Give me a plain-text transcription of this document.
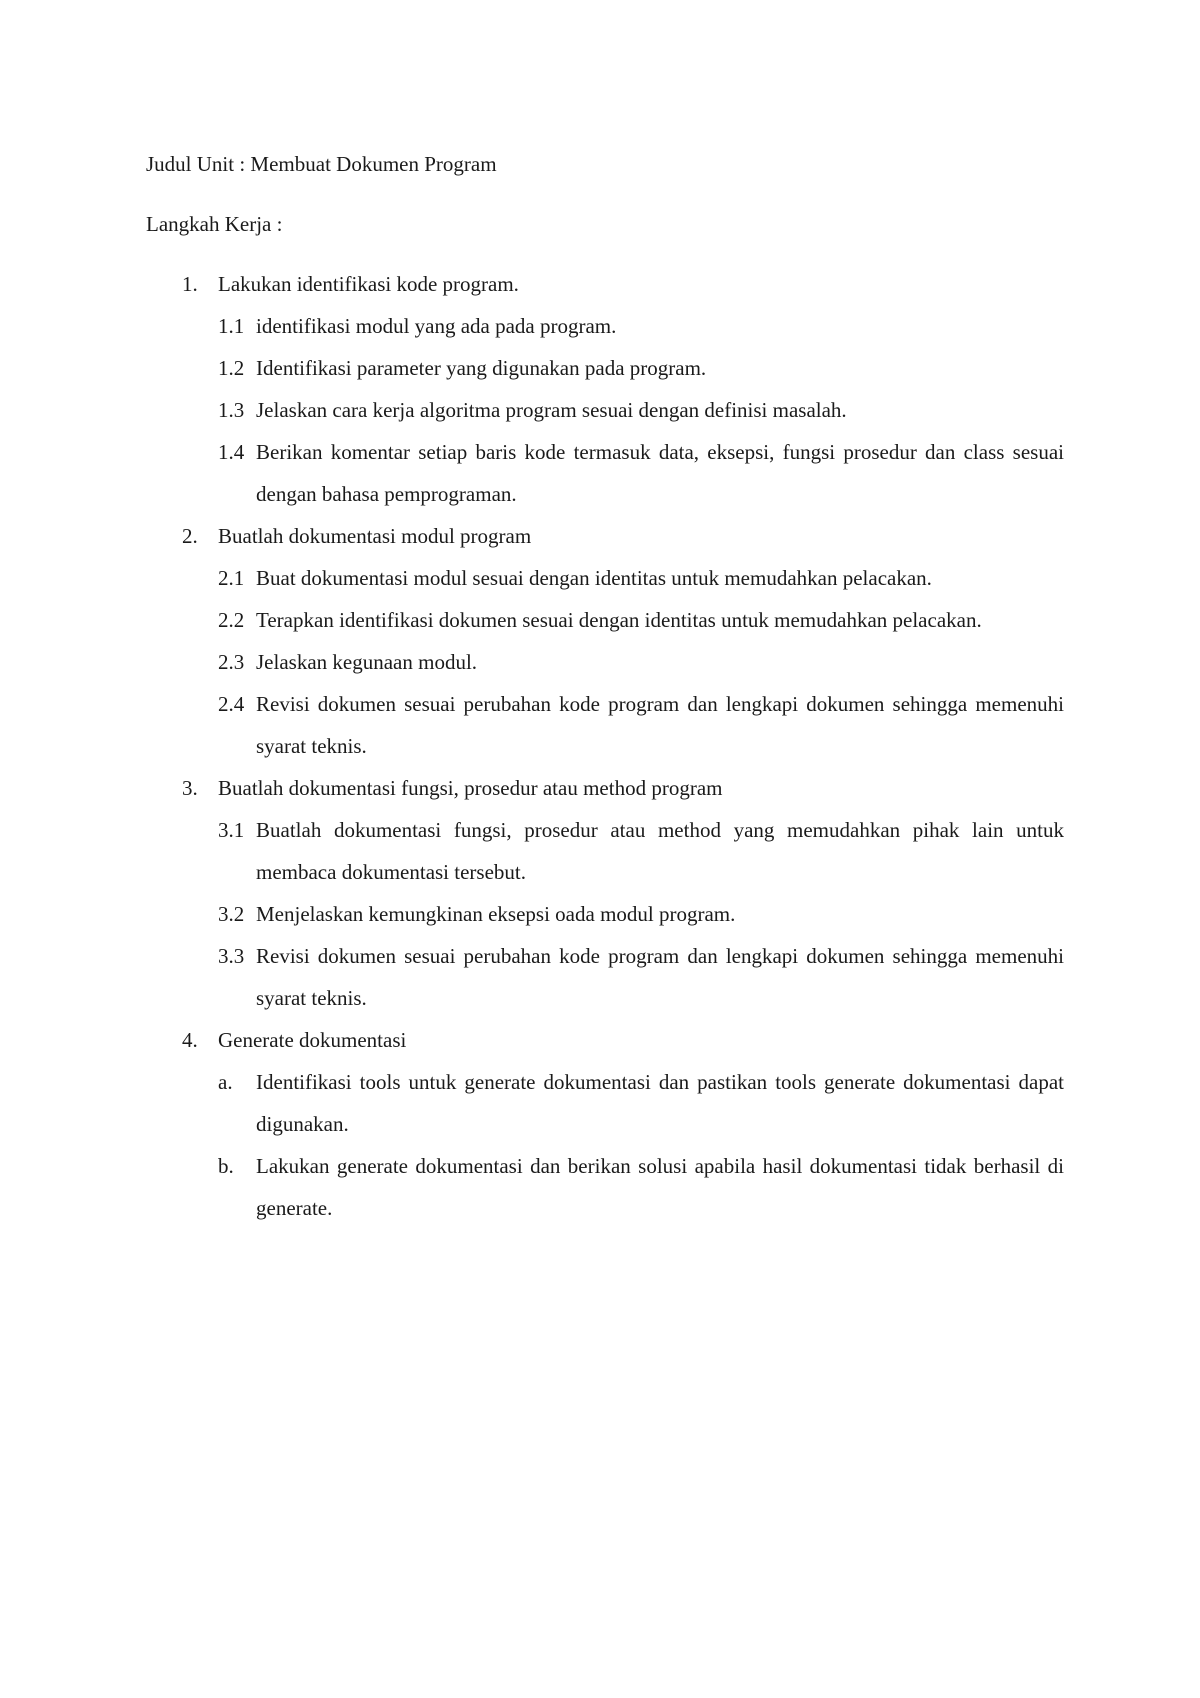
Judul Unit : Membuat Dokumen Program

Langkah Kerja :

1. Lakukan identifikasi kode program.
1.1 identifikasi modul yang ada pada program.
1.2 Identifikasi parameter yang digunakan pada program.
1.3 Jelaskan cara kerja algoritma program sesuai dengan definisi masalah.
1.4 Berikan komentar setiap baris kode termasuk data, eksepsi, fungsi prosedur dan class sesuai dengan bahasa pemprograman.
2. Buatlah dokumentasi modul program
2.1 Buat dokumentasi modul sesuai dengan identitas untuk memudahkan pelacakan.
2.2 Terapkan identifikasi dokumen sesuai dengan identitas untuk memudahkan pelacakan.
2.3 Jelaskan kegunaan modul.
2.4 Revisi dokumen sesuai perubahan kode program dan lengkapi dokumen sehingga memenuhi syarat teknis.
3. Buatlah dokumentasi fungsi, prosedur atau method program
3.1 Buatlah dokumentasi fungsi, prosedur atau method yang memudahkan pihak lain untuk membaca dokumentasi tersebut.
3.2 Menjelaskan kemungkinan eksepsi oada modul program.
3.3 Revisi dokumen sesuai perubahan kode program dan lengkapi dokumen sehingga memenuhi syarat teknis.
4. Generate dokumentasi
a. Identifikasi tools untuk generate dokumentasi dan pastikan tools generate dokumentasi dapat digunakan.
b. Lakukan generate dokumentasi dan berikan solusi apabila hasil dokumentasi tidak berhasil di generate.
